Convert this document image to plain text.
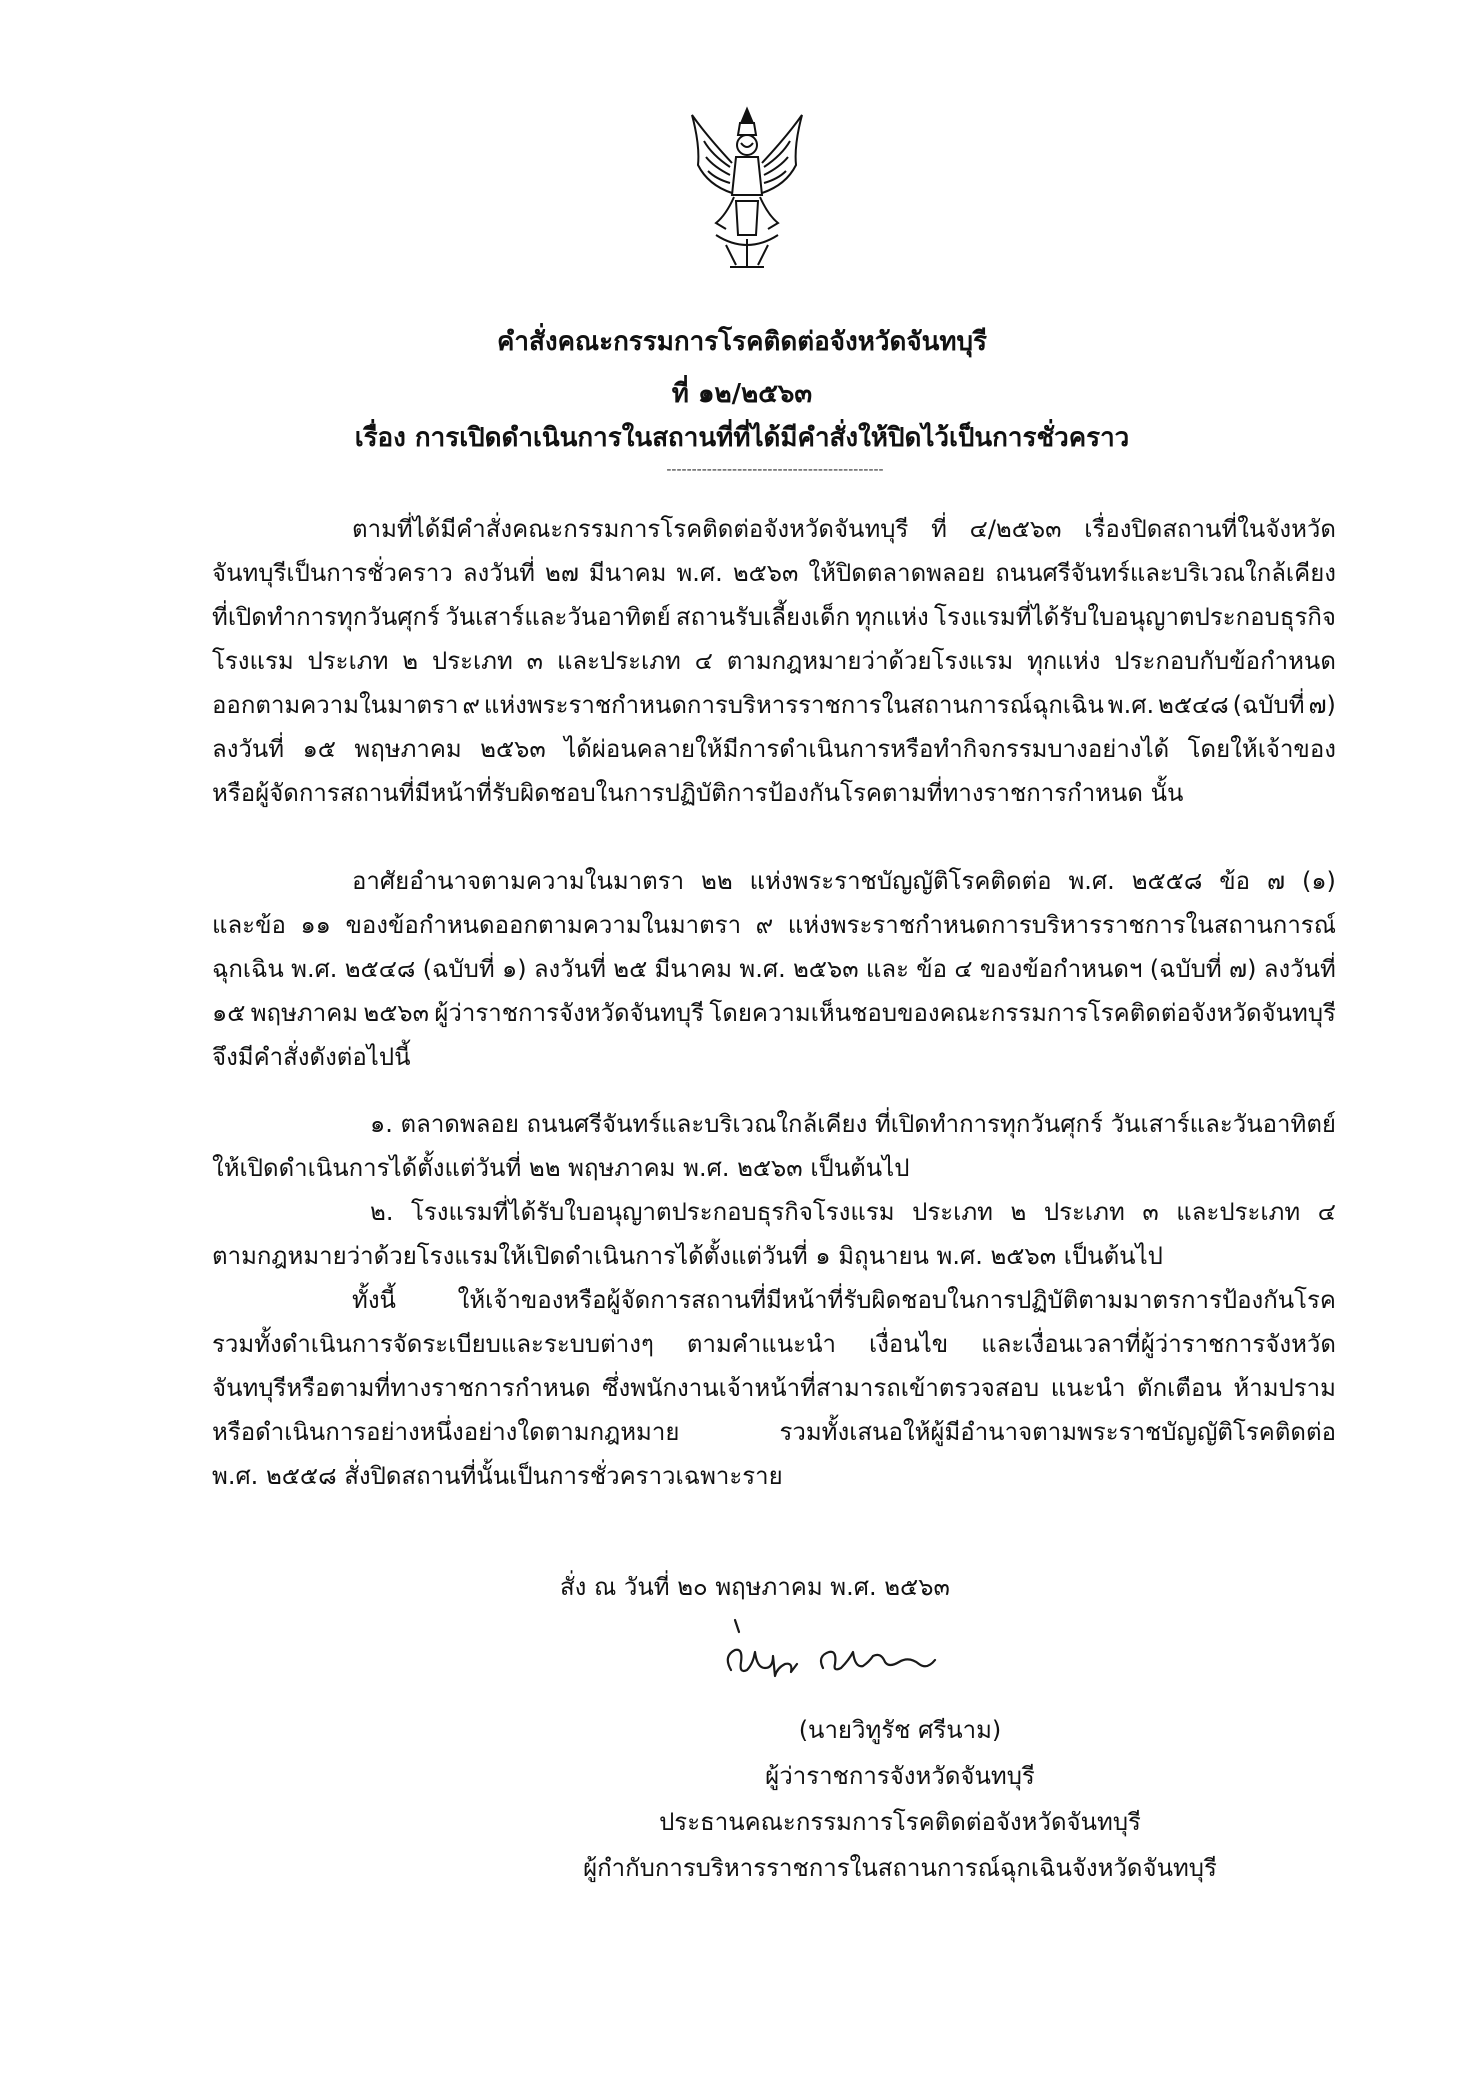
คำสั่งคณะกรรมการโรคติดต่อจังหวัดจันทบุรี
ที่ ๑๒/๒๕๖๓
เรื่อง การเปิดดำเนินการในสถานที่ที่ได้มีคำสั่งให้ปิดไว้เป็นการชั่วคราว
-------------------------------------------
ตามที่ได้มีคำสั่งคณะกรรมการโรคติดต่อจังหวัดจันทบุรี ที่ ๔/๒๕๖๓ เรื่องปิดสถานที่ในจังหวัด
จันทบุรีเป็นการชั่วคราว ลงวันที่ ๒๗ มีนาคม พ.ศ. ๒๕๖๓ ให้ปิดตลาดพลอย ถนนศรีจันทร์และบริเวณใกล้เคียง
ที่เปิดทำการทุกวันศุกร์ วันเสาร์และวันอาทิตย์ สถานรับเลี้ยงเด็ก ทุกแห่ง โรงแรมที่ได้รับใบอนุญาตประกอบธุรกิจ
โรงแรม ประเภท ๒ ประเภท ๓ และประเภท ๔ ตามกฎหมายว่าด้วยโรงแรม ทุกแห่ง ประกอบกับข้อกำหนด
ออกตามความในมาตรา ๙ แห่งพระราชกำหนดการบริหารราชการในสถานการณ์ฉุกเฉิน พ.ศ. ๒๕๔๘ (ฉบับที่ ๗)
ลงวันที่ ๑๕ พฤษภาคม ๒๕๖๓ ได้ผ่อนคลายให้มีการดำเนินการหรือทำกิจกรรมบางอย่างได้ โดยให้เจ้าของ
หรือผู้จัดการสถานที่มีหน้าที่รับผิดชอบในการปฏิบัติการป้องกันโรคตามที่ทางราชการกำหนด นั้น
อาศัยอำนาจตามความในมาตรา ๒๒ แห่งพระราชบัญญัติโรคติดต่อ พ.ศ. ๒๕๕๘ ข้อ ๗ (๑)
และข้อ ๑๑ ของข้อกำหนดออกตามความในมาตรา ๙ แห่งพระราชกำหนดการบริหารราชการในสถานการณ์
ฉุกเฉิน พ.ศ. ๒๕๔๘ (ฉบับที่ ๑) ลงวันที่ ๒๕ มีนาคม พ.ศ. ๒๕๖๓ และ ข้อ ๔ ของข้อกำหนดฯ (ฉบับที่ ๗) ลงวันที่
๑๕ พฤษภาคม ๒๕๖๓ ผู้ว่าราชการจังหวัดจันทบุรี โดยความเห็นชอบของคณะกรรมการโรคติดต่อจังหวัดจันทบุรี
จึงมีคำสั่งดังต่อไปนี้
๑. ตลาดพลอย ถนนศรีจันทร์และบริเวณใกล้เคียง ที่เปิดทำการทุกวันศุกร์ วันเสาร์และวันอาทิตย์
ให้เปิดดำเนินการได้ตั้งแต่วันที่ ๒๒ พฤษภาคม พ.ศ. ๒๕๖๓ เป็นต้นไป
๒. โรงแรมที่ได้รับใบอนุญาตประกอบธุรกิจโรงแรม ประเภท ๒ ประเภท ๓ และประเภท ๔
ตามกฎหมายว่าด้วยโรงแรมให้เปิดดำเนินการได้ตั้งแต่วันที่ ๑ มิถุนายน พ.ศ. ๒๕๖๓ เป็นต้นไป
ทั้งนี้	ให้เจ้าของหรือผู้จัดการสถานที่มีหน้าที่รับผิดชอบในการปฏิบัติตามมาตรการป้องกันโรค
รวมทั้งดำเนินการจัดระเบียบและระบบต่างๆ ตามคำแนะนำ เงื่อนไข และเงื่อนเวลาที่ผู้ว่าราชการจังหวัด
จันทบุรีหรือตามที่ทางราชการกำหนด ซึ่งพนักงานเจ้าหน้าที่สามารถเข้าตรวจสอบ แนะนำ ตักเตือน ห้ามปราม
หรือดำเนินการอย่างหนึ่งอย่างใดตามกฎหมาย	รวมทั้งเสนอให้ผู้มีอำนาจตามพระราชบัญญัติโรคติดต่อ
พ.ศ. ๒๕๕๘ สั่งปิดสถานที่นั้นเป็นการชั่วคราวเฉพาะราย
สั่ง ณ วันที่ ๒๐ พฤษภาคม พ.ศ. ๒๕๖๓
(นายวิทูรัช ศรีนาม)
ผู้ว่าราชการจังหวัดจันทบุรี
ประธานคณะกรรมการโรคติดต่อจังหวัดจันทบุรี
ผู้กำกับการบริหารราชการในสถานการณ์ฉุกเฉินจังหวัดจันทบุรี
